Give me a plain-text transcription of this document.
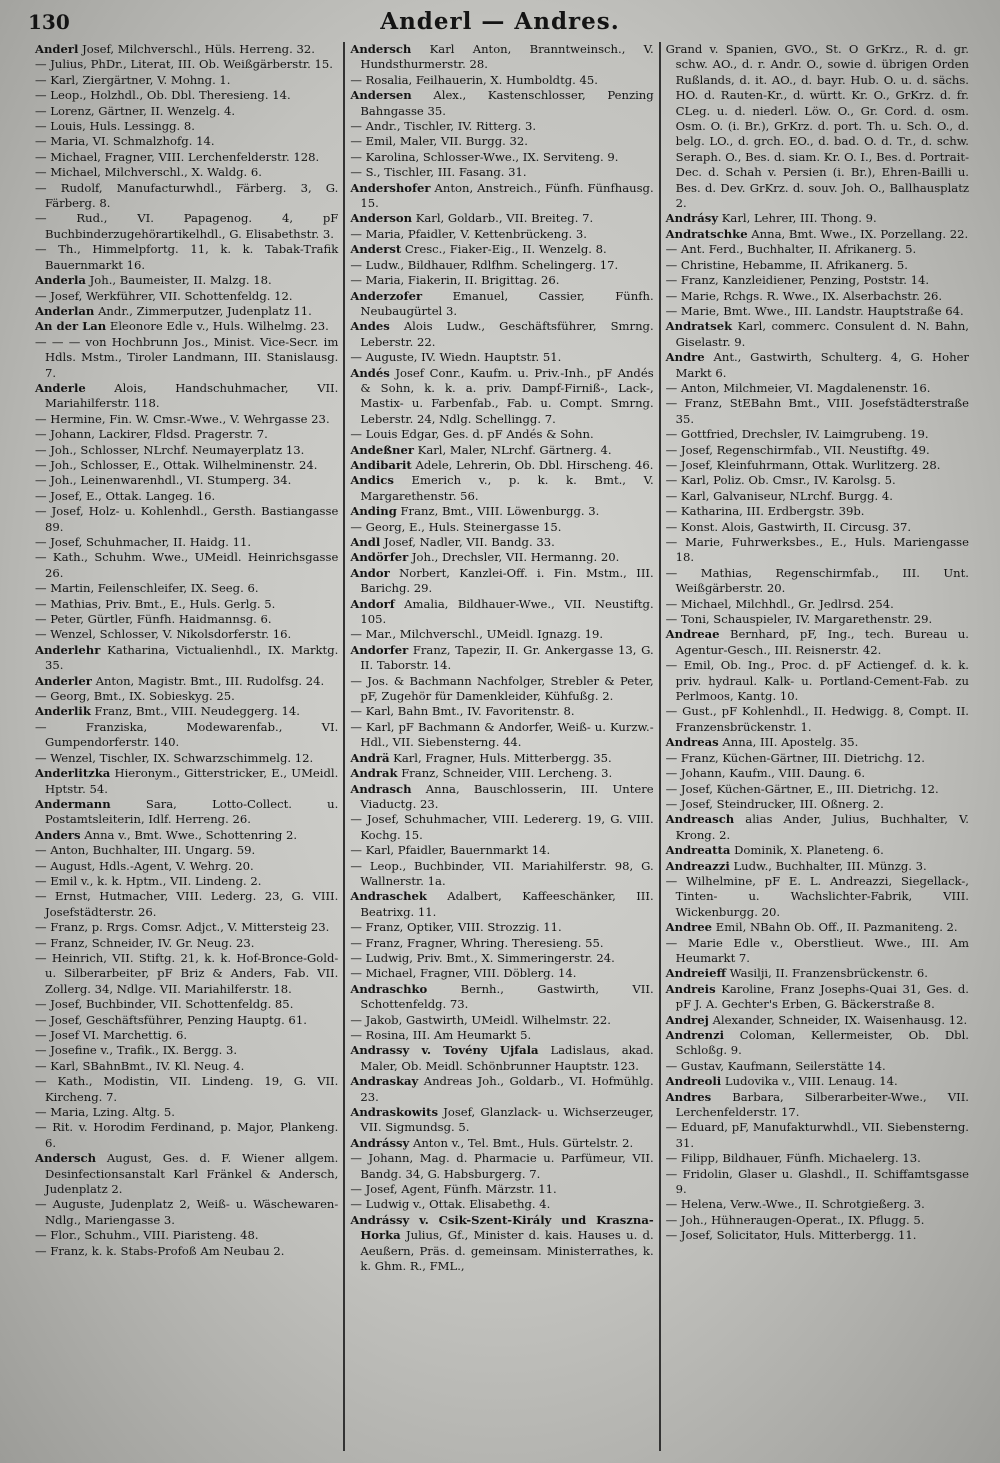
130	Anderl — Andres.
Anderl Josef, Milchverschl., Hüls. Herreng. 32.
— Julius, PhDr., Literat, III. Ob. Weißgärberstr. 15.
— Karl, Ziergärtner, V. Mohng. 1.
— Leop., Holzhdl., Ob. Dbl. Theresieng. 14.
— Lorenz, Gärtner, II. Wenzelg. 4.
— Louis, Huls. Lessingg. 8.
— Maria, VI. Schmalzhofg. 14.
— Michael, Fragner, VIII. Lerchenfelderstr. 128.
— Michael, Milchverschl., X. Waldg. 6.
— Rudolf, Manufacturwhdl., Färberg. 3, G. Färberg. 8.
— Rud., VI. Papagenog. 4, pF Buchbinderzugehörartikelhdl., G. Elisabethstr. 3.
— Th., Himmelpfortg. 11, k. k. Tabak-Trafik Bauernmarkt 16.
Anderla Joh., Baumeister, II. Malzg. 18.
— Josef, Werkführer, VII. Schottenfeldg. 12.
Anderlan Andr., Zimmerputzer, Judenplatz 11.
An der Lan Eleonore Edle v., Huls. Wilhelmg. 23.
— — — von Hochbrunn Jos., Minist. Vice-Secr. im Hdls. Mstm., Tiroler Landmann, III. Stanislausg. 7.
Anderle Alois, Handschuhmacher, VII. Mariahilferstr. 118.
— Hermine, Fin. W. Cmsr.-Wwe., V. Wehrgasse 23.
— Johann, Lackirer, Fldsd. Pragerstr. 7.
— Joh., Schlosser, NLrchf. Neumayerplatz 13.
— Joh., Schlosser, E., Ottak. Wilhelminenstr. 24.
— Joh., Leinenwarenhdl., VI. Stumperg. 34.
— Josef, E., Ottak. Langeg. 16.
— Josef, Holz- u. Kohlenhdl., Gersth. Bastiangasse 89.
— Josef, Schuhmacher, II. Haidg. 11.
— Kath., Schuhm. Wwe., UMeidl. Heinrichsgasse 26.
— Martin, Feilenschleifer, IX. Seeg. 6.
— Mathias, Priv. Bmt., E., Huls. Gerlg. 5.
— Peter, Gürtler, Fünfh. Haidmannsg. 6.
— Wenzel, Schlosser, V. Nikolsdorferstr. 16.
Anderlehr Katharina, Victualienhdl., IX. Marktg. 35.
Anderler Anton, Magistr. Bmt., III. Rudolfsg. 24.
— Georg, Bmt., IX. Sobieskyg. 25.
Anderlik Franz, Bmt., VIII. Neudeggerg. 14.
— Franziska, Modewarenfab., VI. Gumpendorferstr. 140.
— Wenzel, Tischler, IX. Schwarzschimmelg. 12.
Anderlitzka Hieronym., Gitterstricker, E., UMeidl. Hptstr. 54.
Andermann	Sara, Lotto-Collect. u. Postamtsleiterin, Idlf. Herreng. 26.
Anders Anna v., Bmt. Wwe., Schottenring 2.
— Anton, Buchhalter, III. Ungarg. 59.
— August, Hdls.-Agent, V. Wehrg. 20.
— Emil v., k. k. Hptm., VII. Lindeng. 2.
— Ernst, Hutmacher, VIII. Lederg. 23, G. VIII. Josefstädterstr. 26.
— Franz, p. Rrgs. Comsr. Adjct., V. Mittersteig 23.
— Franz, Schneider, IV. Gr. Neug. 23.
— Heinrich, VII. Stiftg. 21, k. k. Hof-Bronce-Gold- u. Silberarbeiter, pF Briz & Anders, Fab. VII. Zollerg. 34, Ndlge. VII. Mariahilferstr. 18.
— Josef, Buchbinder, VII. Schottenfeldg. 85.
— Josef, Geschäftsführer, Penzing Hauptg. 61.
— Josef VI. Marchettig. 6.
— Josefine v., Trafik., IX. Bergg. 3.
— Karl, SBahnBmt., IV. Kl. Neug. 4.
— Kath., Modistin, VII. Lindeng. 19, G. VII. Kircheng. 7.
— Maria, Lzing. Altg. 5.
— Rit. v. Horodim Ferdinand, p. Major, Plankeng. 6.
Andersch August, Ges. d. F. Wiener allgem. Desinfectionsanstalt Karl Fränkel & Andersch, Judenplatz 2.
— Auguste, Judenplatz 2, Weiß- u. Wäschewaren-Ndlg., Mariengasse 3.
— Flor., Schuhm., VIII. Piaristeng. 48.
— Franz, k. k. Stabs-Profoß Am Neubau 2.
Andersch Karl Anton, Branntweinsch., V. Hundsthurmerstr. 28.
— Rosalia, Feilhauerin, X. Humboldtg. 45.
Andersen Alex., Kastenschlosser, Penzing Bahngasse 35.
— Andr., Tischler, IV. Ritterg. 3.
— Emil, Maler, VII. Burgg. 32.
— Karolina, Schlosser-Wwe., IX. Serviteng. 9.
— S., Tischler, III. Fasang. 31.
Andershofer Anton, Anstreich., Fünfh. Fünfhausg. 15.
Anderson Karl, Goldarb., VII. Breiteg. 7.
— Maria, Pfaidler, V. Kettenbrückeng. 3.
Anderst Cresc., Fiaker-Eig., II. Wenzelg. 8.
— Ludw., Bildhauer, Rdlfhm. Schelingerg. 17.
— Maria, Fiakerin, II. Brigittag. 26.
Anderzofer	Emanuel, Cassier, Fünfh. Neubaugürtel 3.
Andes Alois Ludw., Geschäftsführer, Smrng. Leberstr. 22.
— Auguste, IV. Wiedn. Hauptstr. 51.
Andés Josef Conr., Kaufm. u. Priv.-Inh., pF Andés & Sohn, k. k. a. priv. Dampf-Firniß-, Lack-, Mastix- u. Farbenfab., Fab. u. Compt. Smrng. Leberstr. 24, Ndlg. Schellingg. 7.
— Louis Edgar, Ges. d. pF Andés & Sohn.
Andeßner Karl, Maler, NLrchf. Gärtnerg. 4.
Andibarit Adele, Lehrerin, Ob. Dbl. Hirscheng. 46.
Andics Emerich v., p. k. k. Bmt., V. Margarethenstr. 56.
Anding Franz, Bmt., VIII. Löwenburgg. 3.
— Georg, E., Huls. Steinergasse 15.
Andl Josef, Nadler, VII. Bandg. 33.
Andörfer Joh., Drechsler, VII. Hermanng. 20.
Andor Norbert, Kanzlei-Off. i. Fin. Mstm., III. Barichg. 29.
Andorf Amalia, Bildhauer-Wwe., VII. Neustiftg. 105.
— Mar., Milchverschl., UMeidl. Ignazg. 19.
Andorfer Franz, Tapezir, II. Gr. Ankergasse 13, G. II. Taborstr. 14.
— Jos. & Bachmann Nachfolger, Strebler & Peter, pF, Zugehör für Damenkleider, Kühfußg. 2.
— Karl, Bahn Bmt., IV. Favoritenstr. 8.
— Karl, pF Bachmann & Andorfer, Weiß- u. Kurzw.-Hdl., VII. Siebensterng. 44.
Andrä Karl, Fragner, Huls. Mitterbergg. 35.
Andrak Franz, Schneider, VIII. Lercheng. 3.
Andrasch Anna, Bauschlosserin, III. Untere Viaductg. 23.
— Josef, Schuhmacher, VIII. Ledererg. 19, G. VIII. Kochg. 15.
— Karl, Pfaidler, Bauernmarkt 14.
— Leop., Buchbinder, VII. Mariahilferstr. 98, G. Wallnerstr. 1a.
Andraschek Adalbert, Kaffeeschänker, III. Beatrixg. 11.
— Franz, Optiker, VIII. Strozzig. 11.
— Franz, Fragner, Whring. Theresieng. 55.
— Ludwig, Priv. Bmt., X. Simmeringerstr. 24.
— Michael, Fragner, VIII. Döblerg. 14.
Andraschko	Bernh., Gastwirth, VII. Schottenfeldg. 73.
— Jakob, Gastwirth, UMeidl. Wilhelmstr. 22.
— Rosina, III. Am Heumarkt 5.
Andrassy v. Tovény Ujfala Ladislaus, akad. Maler, Ob. Meidl. Schönbrunner Hauptstr. 123.
Andraskay Andreas Joh., Goldarb., VI. Hofmühlg. 23.
Andraskowits Josef, Glanzlack- u. Wichserzeuger, VII. Sigmundsg. 5.
Andrássy Anton v., Tel. Bmt., Huls. Gürtelstr. 2.
— Johann, Mag. d. Pharmacie u. Parfümeur, VII. Bandg. 34, G. Habsburgerg. 7.
— Josef, Agent, Fünfh. Märzstr. 11.
— Ludwig v., Ottak. Elisabethg. 4.
Andrássy v. Csik-Szent-Király und Krasznа-Horka Julius, Gf., Minister d. kais. Hauses u. d. Aeußern, Präs. d. gemeinsam. Ministerrathes, k. k. Ghm. R., FML.,
Grand v. Spanien, GVO., St. O GrKrz., R. d. gr. schw. AO., d. r. Andr. O., sowie d. übrigen Orden Rußlands, d. it. AO., d. bayr. Hub. O. u. d. sächs. HO. d. Rauten-Kr., d. württ. Kr. O., GrKrz. d. fr. CLeg. u. d. niederl. Löw. O., Gr. Cord. d. osm. Osm. O. (i. Br.), GrKrz. d. port. Th. u. Sch. O., d. belg. LO., d. grch. EO., d. bad. O. d. Tr., d. schw. Seraph. O., Bes. d. siam. Kr. O. I., Bes. d. Portrait-Dec. d. Schah v. Persien (i. Br.), Ehren-Bailli u. Bes. d. Dev. GrKrz. d. souv. Joh. O., Ballhausplatz 2.
Andrásy Karl, Lehrer, III. Thong. 9.
Andratschke Anna, Bmt. Wwe., IX. Porzellang. 22.
— Ant. Ferd., Buchhalter, II. Afrikanerg. 5.
— Christine, Hebamme, II. Afrikanerg. 5.
— Franz, Kanzleidiener, Penzing, Poststr. 14.
— Marie, Rchgs. R. Wwe., IX. Alserbachstr. 26.
— Marie, Bmt. Wwe., III. Landstr. Hauptstraße 64.
Andratsek Karl, commerc. Consulent d. N. Bahn, Giselastr. 9.
Andre Ant., Gastwirth, Schulterg. 4, G. Hoher Markt 6.
— Anton, Milchmeier, VI. Magdalenenstr. 16.
— Franz, StEBahn Bmt., VIII. Josefstädterstraße 35.
— Gottfried, Drechsler, IV. Laimgrubeng. 19.
— Josef, Regenschirmfab., VII. Neustiftg. 49.
— Josef, Kleinfuhrmann, Ottak. Wurlitzerg. 28.
— Karl, Poliz. Ob. Cmsr., IV. Karolsg. 5.
— Karl, Galvaniseur, NLrchf. Burgg. 4.
— Katharina, III. Erdbergstr. 39b.
— Konst. Alois, Gastwirth, II. Circusg. 37.
— Marie, Fuhrwerksbes., E., Huls. Mariengasse 18.
— Mathias, Regenschirmfab., III. Unt. Weißgärberstr. 20.
— Michael, Milchhdl., Gr. Jedlrsd. 254.
— Toni, Schauspieler, IV. Margarethenstr. 29.
Andreae Bernhard, pF, Ing., tech. Bureau u. Agentur-Gesch., III. Reisnerstr. 42.
— Emil, Ob. Ing., Proc. d. pF Actiengef. d. k. k. priv. hydraul. Kalk- u. Portland-Cement-Fab. zu Perlmoos, Kantg. 10.
— Gust., pF Kohlenhdl., II. Hedwigg. 8, Compt. II. Franzensbrückenstr. 1.
Andreas Anna, III. Apostelg. 35.
— Franz, Küchen-Gärtner, III. Dietrichg. 12.
— Johann, Kaufm., VIII. Daung. 6.
— Josef, Küchen-Gärtner, E., III. Dietrichg. 12.
— Josef, Steindrucker, III. Oßnerg. 2.
Andreasch alias Ander, Julius, Buchhalter, V. Krong. 2.
Andreatta Dominik, X. Planeteng. 6.
Andreazzi Ludw., Buchhalter, III. Münzg. 3.
— Wilhelmine, pF E. L. Andreazzi, Siegellack-, Tinten- u. Wachslichter-Fabrik, VIII. Wickenburgg. 20.
Andree Emil, NBahn Ob. Off., II. Pazmaniteng. 2.
— Marie Edle v., Oberstlieut. Wwe., III. Am Heumarkt 7.
Andreieff Wasilji, II. Franzensbrückenstr. 6.
Andreis Karoline, Franz Josephs-Quai 31, Ges. d. pF J. A. Gechter's Erben, G. Bäckerstraße 8.
Andrej Alexander, Schneider, IX. Waisenhausg. 12.
Andrenzi Coloman, Kellermeister, Ob. Dbl. Schloßg. 9.
— Gustav, Kaufmann, Seilerstätte 14.
Andreoli Ludovika v., VIII. Lenaug. 14.
Andres Barbara, Silberarbeiter-Wwe., VII. Lerchenfelderstr. 17.
— Eduard, pF, Manufakturwhdl., VII. Siebensterng. 31.
— Filipp, Bildhauer, Fünfh. Michaelerg. 13.
— Fridolin, Glaser u. Glashdl., II. Schiffamtsgasse 9.
— Helena, Verw.-Wwe., II. Schrotgießerg. 3.
— Joh., Hühneraugen-Operat., IX. Pflugg. 5.
— Josef, Solicitator, Huls. Mitterbergg. 11.
